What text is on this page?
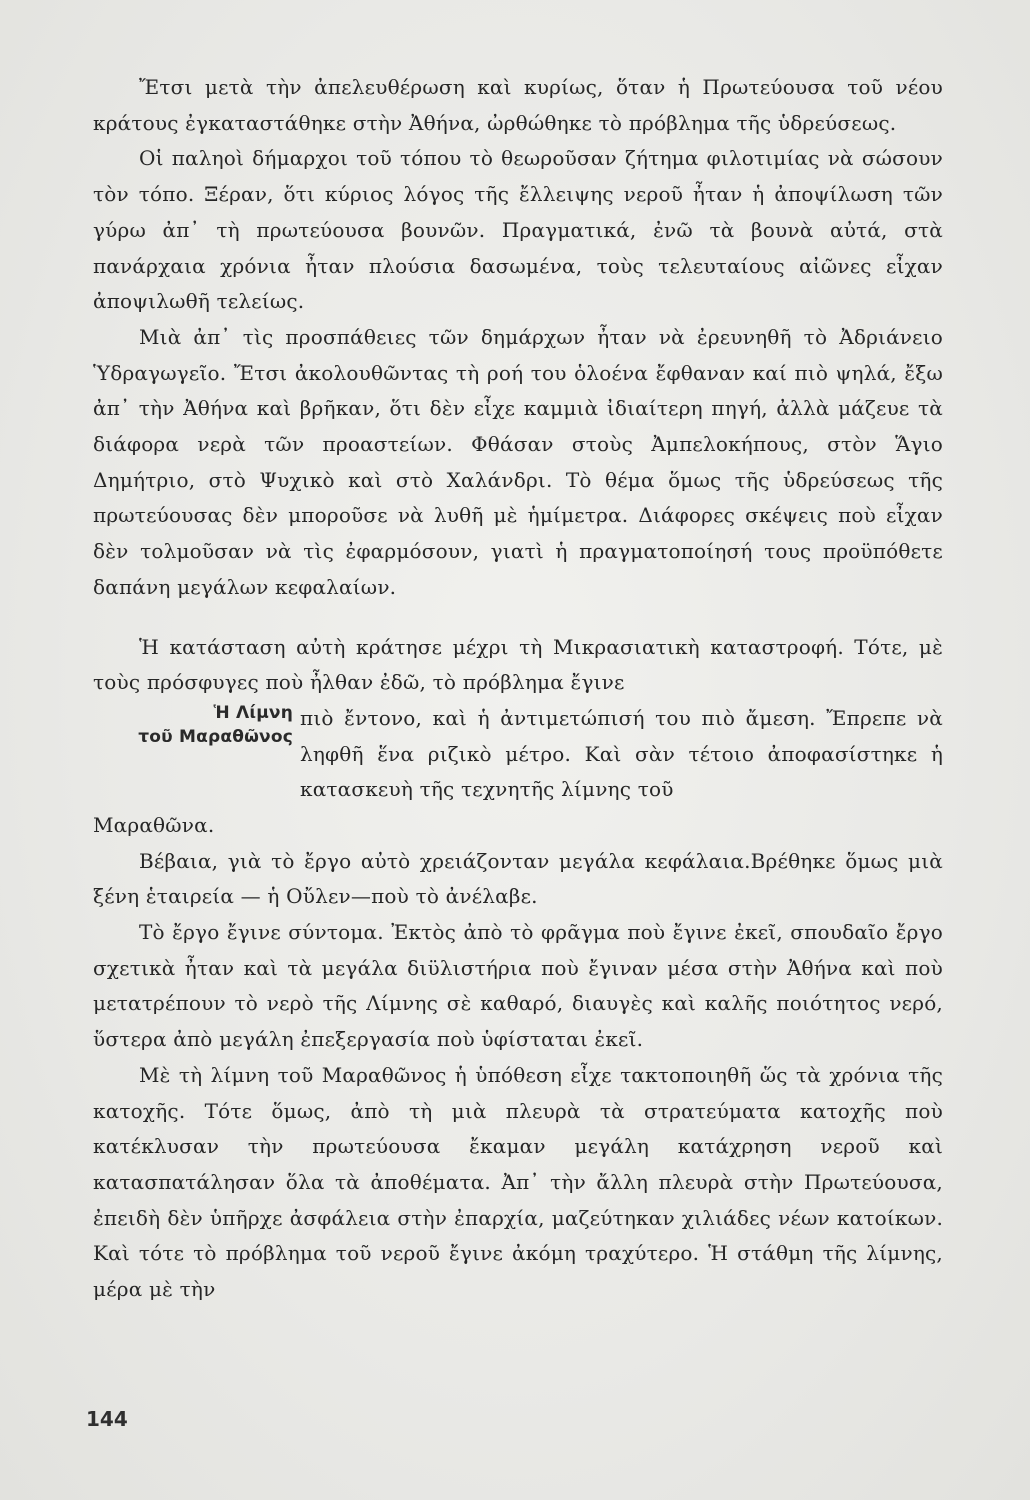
Ἔτσι μετὰ τὴν ἀπελευθέρωση καὶ κυρίως, ὅταν ἡ Πρωτεύουσα τοῦ νέου κράτους ἐγκαταστάθηκε στὴν Ἀθήνα, ὠρθώθηκε τὸ πρόβλημα τῆς ὑδρεύσεως.

Οἱ παληοὶ δήμαρχοι τοῦ τόπου τὸ θεωροῦσαν ζήτημα φιλοτιμίας νὰ σώσουν τὸν τόπο. Ξέραν, ὅτι κύριος λόγος τῆς ἔλλειψης νεροῦ ἦταν ἡ ἀποψίλωση τῶν γύρω ἀπ᾿ τὴ πρωτεύουσα βουνῶν. Πραγματικά, ἐνῶ τὰ βουνὰ αὐτά, στὰ πανάρχαια χρόνια ἦταν πλούσια δασωμένα, τοὺς τελευταίους αἰῶνες εἶχαν ἀποψιλωθῆ τελείως.

Μιὰ ἀπ᾿ τὶς προσπάθειες τῶν δημάρχων ἦταν νὰ ἐρευνηθῆ τὸ Ἀδριάνειο Ὑδραγωγεῖο. Ἔτσι ἀκολουθῶντας τὴ ροή του ὁλοένα ἔφθαναν καί πιὸ ψηλά, ἔξω ἀπ᾿ τὴν Ἀθήνα καὶ βρῆκαν, ὅτι δὲν εἶχε καμμιὰ ἰδιαίτερη πηγή, ἀλλὰ μάζευε τὰ διάφορα νερὰ τῶν προαστείων. Φθάσαν στοὺς Ἀμπελοκήπους, στὸν Ἅγιο Δημήτριο, στὸ Ψυχικὸ καὶ στὸ Χαλάνδρι. Τὸ θέμα ὅμως τῆς ὑδρεύσεως τῆς πρωτεύουσας δὲν μποροῦσε νὰ λυθῆ μὲ ἡμίμετρα. Διάφορες σκέψεις ποὺ εἶχαν δὲν τολμοῦσαν νὰ τὶς ἐφαρμόσουν, γιατὶ ἡ πραγματοποίησή τους προϋπόθετε δαπάνη μεγάλων κεφαλαίων.

Ἡ κατάσταση αὐτὴ κράτησε μέχρι τὴ Μικρασιατικὴ καταστροφή. Τότε, μὲ τοὺς πρόσφυγες ποὺ ἦλθαν ἐδῶ, τὸ πρόβλημα ἔγινε

Ἡ Λίμνη
τοῦ Μαραθῶνος
πιὸ ἔντονο, καὶ ἡ ἀντιμετώπισή του πιὸ ἄμεση. Ἔπρεπε νὰ ληφθῆ ἕνα ριζικὸ μέτρο. Καὶ σὰν τέτοιο ἀποφασίστηκε ἡ κατασκευὴ τῆς τεχνητῆς λίμνης τοῦ

Μαραθῶνα.

Βέβαια, γιὰ τὸ ἔργο αὐτὸ χρειάζονταν μεγάλα κεφάλαια.Βρέθηκε ὅμως μιὰ ξένη ἑταιρεία — ἡ Οὔλεν—ποὺ τὸ ἀνέλαβε.

Τὸ ἔργο ἔγινε σύντομα. Ἐκτὸς ἀπὸ τὸ φρᾶγμα ποὺ ἔγινε ἐκεῖ, σπουδαῖο ἔργο σχετικὰ ἦταν καὶ τὰ μεγάλα διϋλιστήρια ποὺ ἔγιναν μέσα στὴν Ἀθήνα καὶ ποὺ μετατρέπουν τὸ νερὸ τῆς Λίμνης σὲ καθαρό, διαυγὲς καὶ καλῆς ποιότητος νερό, ὕστερα ἀπὸ μεγάλη ἐπεξεργασία ποὺ ὑφίσταται ἐκεῖ.

Μὲ τὴ λίμνη τοῦ Μαραθῶνος ἡ ὑπόθεση εἶχε τακτοποιηθῆ ὥς τὰ χρόνια τῆς κατοχῆς. Τότε ὅμως, ἀπὸ τὴ μιὰ πλευρὰ τὰ στρατεύματα κατοχῆς ποὺ κατέκλυσαν τὴν πρωτεύουσα ἔκαμαν μεγάλη κατάχρηση νεροῦ καὶ κατασπατάλησαν ὅλα τὰ ἀποθέματα. Ἀπ᾿ τὴν ἄλλη πλευρὰ στὴν Πρωτεύουσα, ἐπειδὴ δὲν ὑπῆρχε ἀσφάλεια στὴν ἐπαρχία, μαζεύτηκαν χιλιάδες νέων κατοίκων. Καὶ τότε τὸ πρόβλημα τοῦ νεροῦ ἔγινε ἀκόμη τραχύτερο. Ἡ στάθμη τῆς λίμνης, μέρα μὲ τὴν

144
